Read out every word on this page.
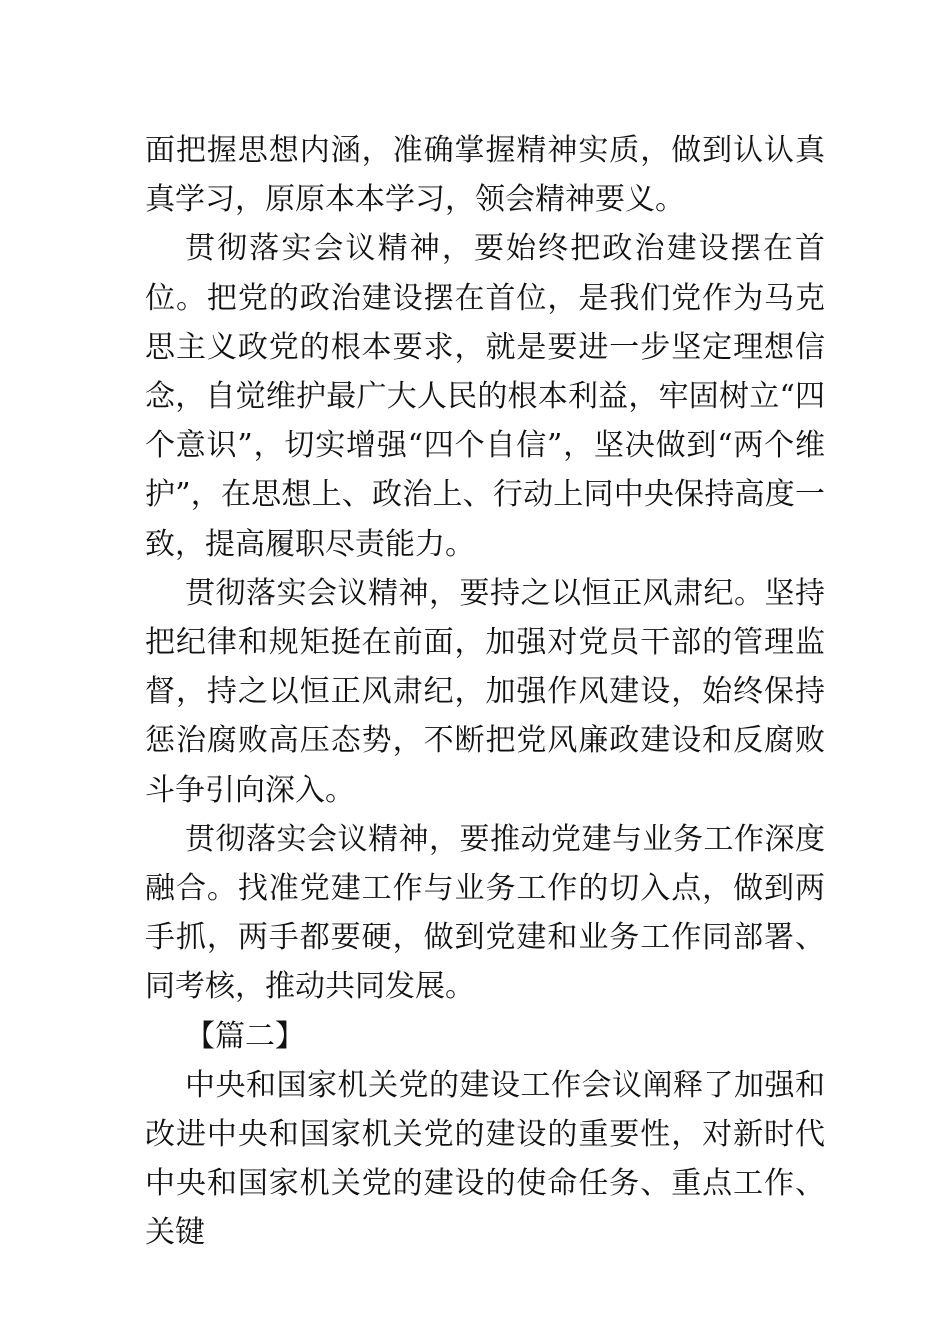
面把握思想内涵，准确掌握精神实质，做到认认真真学习，原原本本学习，领会精神要义。

贯彻落实会议精神，要始终把政治建设摆在首位。把党的政治建设摆在首位，是我们党作为马克思主义政党的根本要求，就是要进一步坚定理想信念，自觉维护最广大人民的根本利益，牢固树立“四个意识”，切实增强“四个自信”，坚决做到“两个维护”，在思想上、政治上、行动上同中央保持高度一致，提高履职尽责能力。

贯彻落实会议精神，要持之以恒正风肃纪。坚持把纪律和规矩挺在前面，加强对党员干部的管理监督，持之以恒正风肃纪，加强作风建设，始终保持惩治腐败高压态势，不断把党风廉政建设和反腐败斗争引向深入。

贯彻落实会议精神，要推动党建与业务工作深度融合。找准党建工作与业务工作的切入点，做到两手抓，两手都要硬，做到党建和业务工作同部署、同考核，推动共同发展。

【篇二】

中央和国家机关党的建设工作会议阐释了加强和改进中央和国家机关党的建设的重要性，对新时代中央和国家机关党的建设的使命任务、重点工作、关键
